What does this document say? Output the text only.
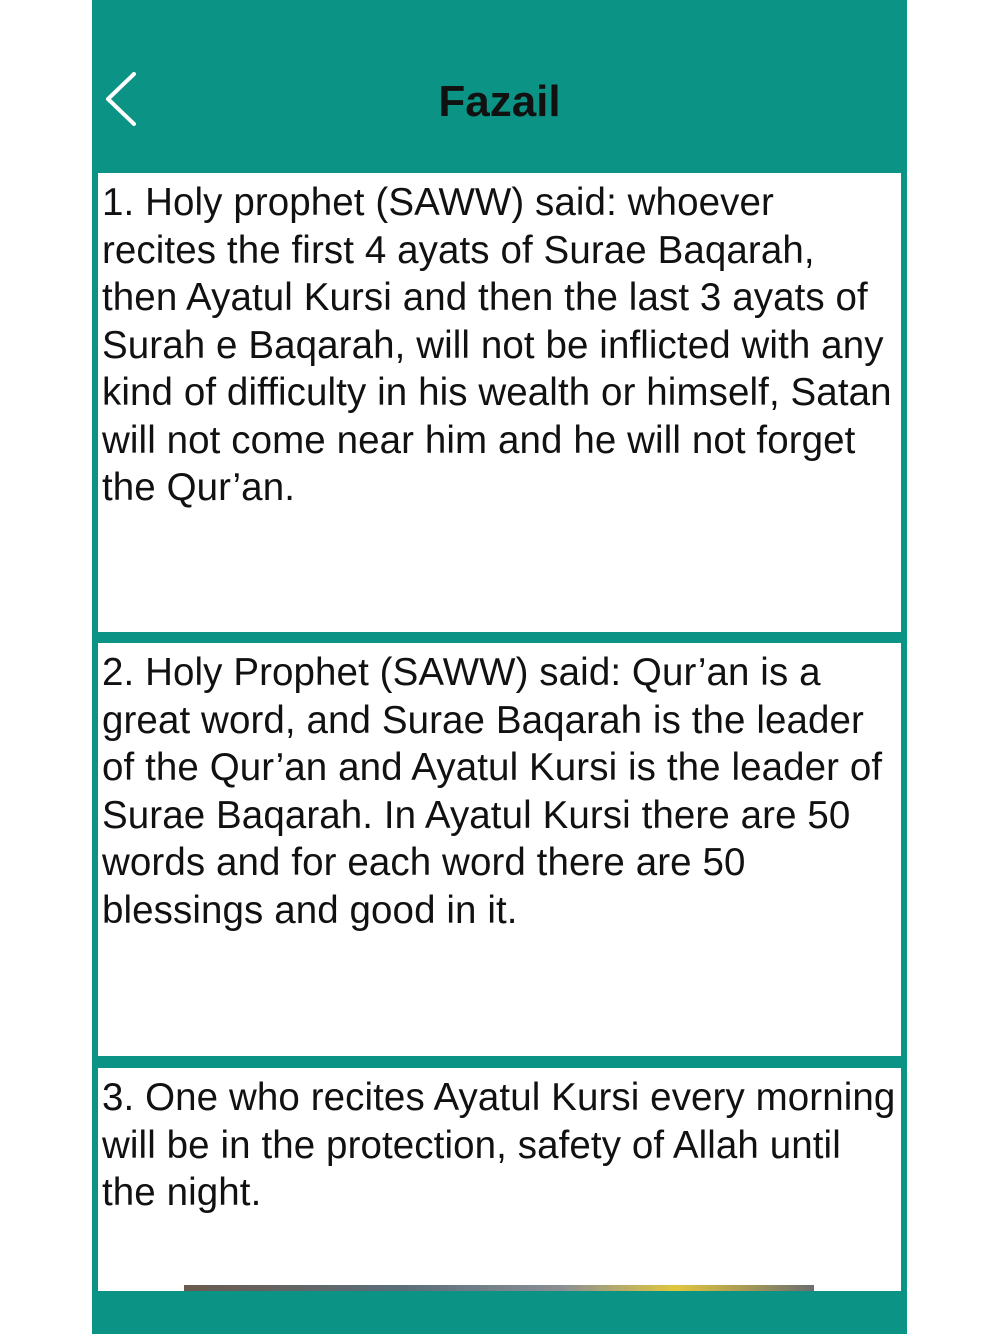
Fazail

1. Holy prophet (SAWW) said: whoever recites the first 4 ayats of Surae Baqarah, then Ayatul Kursi and then the last 3 ayats of Surah e Baqarah, will not be inflicted with any kind of difficulty in his wealth or himself, Satan will not come near him and he will not forget the Qur’an.

2. Holy Prophet (SAWW) said: Qur’an is a great word, and Surae Baqarah is the leader of the Qur’an and Ayatul Kursi is the leader of Surae Baqarah. In Ayatul Kursi there are 50 words and for each word there are 50 blessings and good in it.

3. One who recites Ayatul Kursi every morning will be in the protection, safety of Allah until the night.
